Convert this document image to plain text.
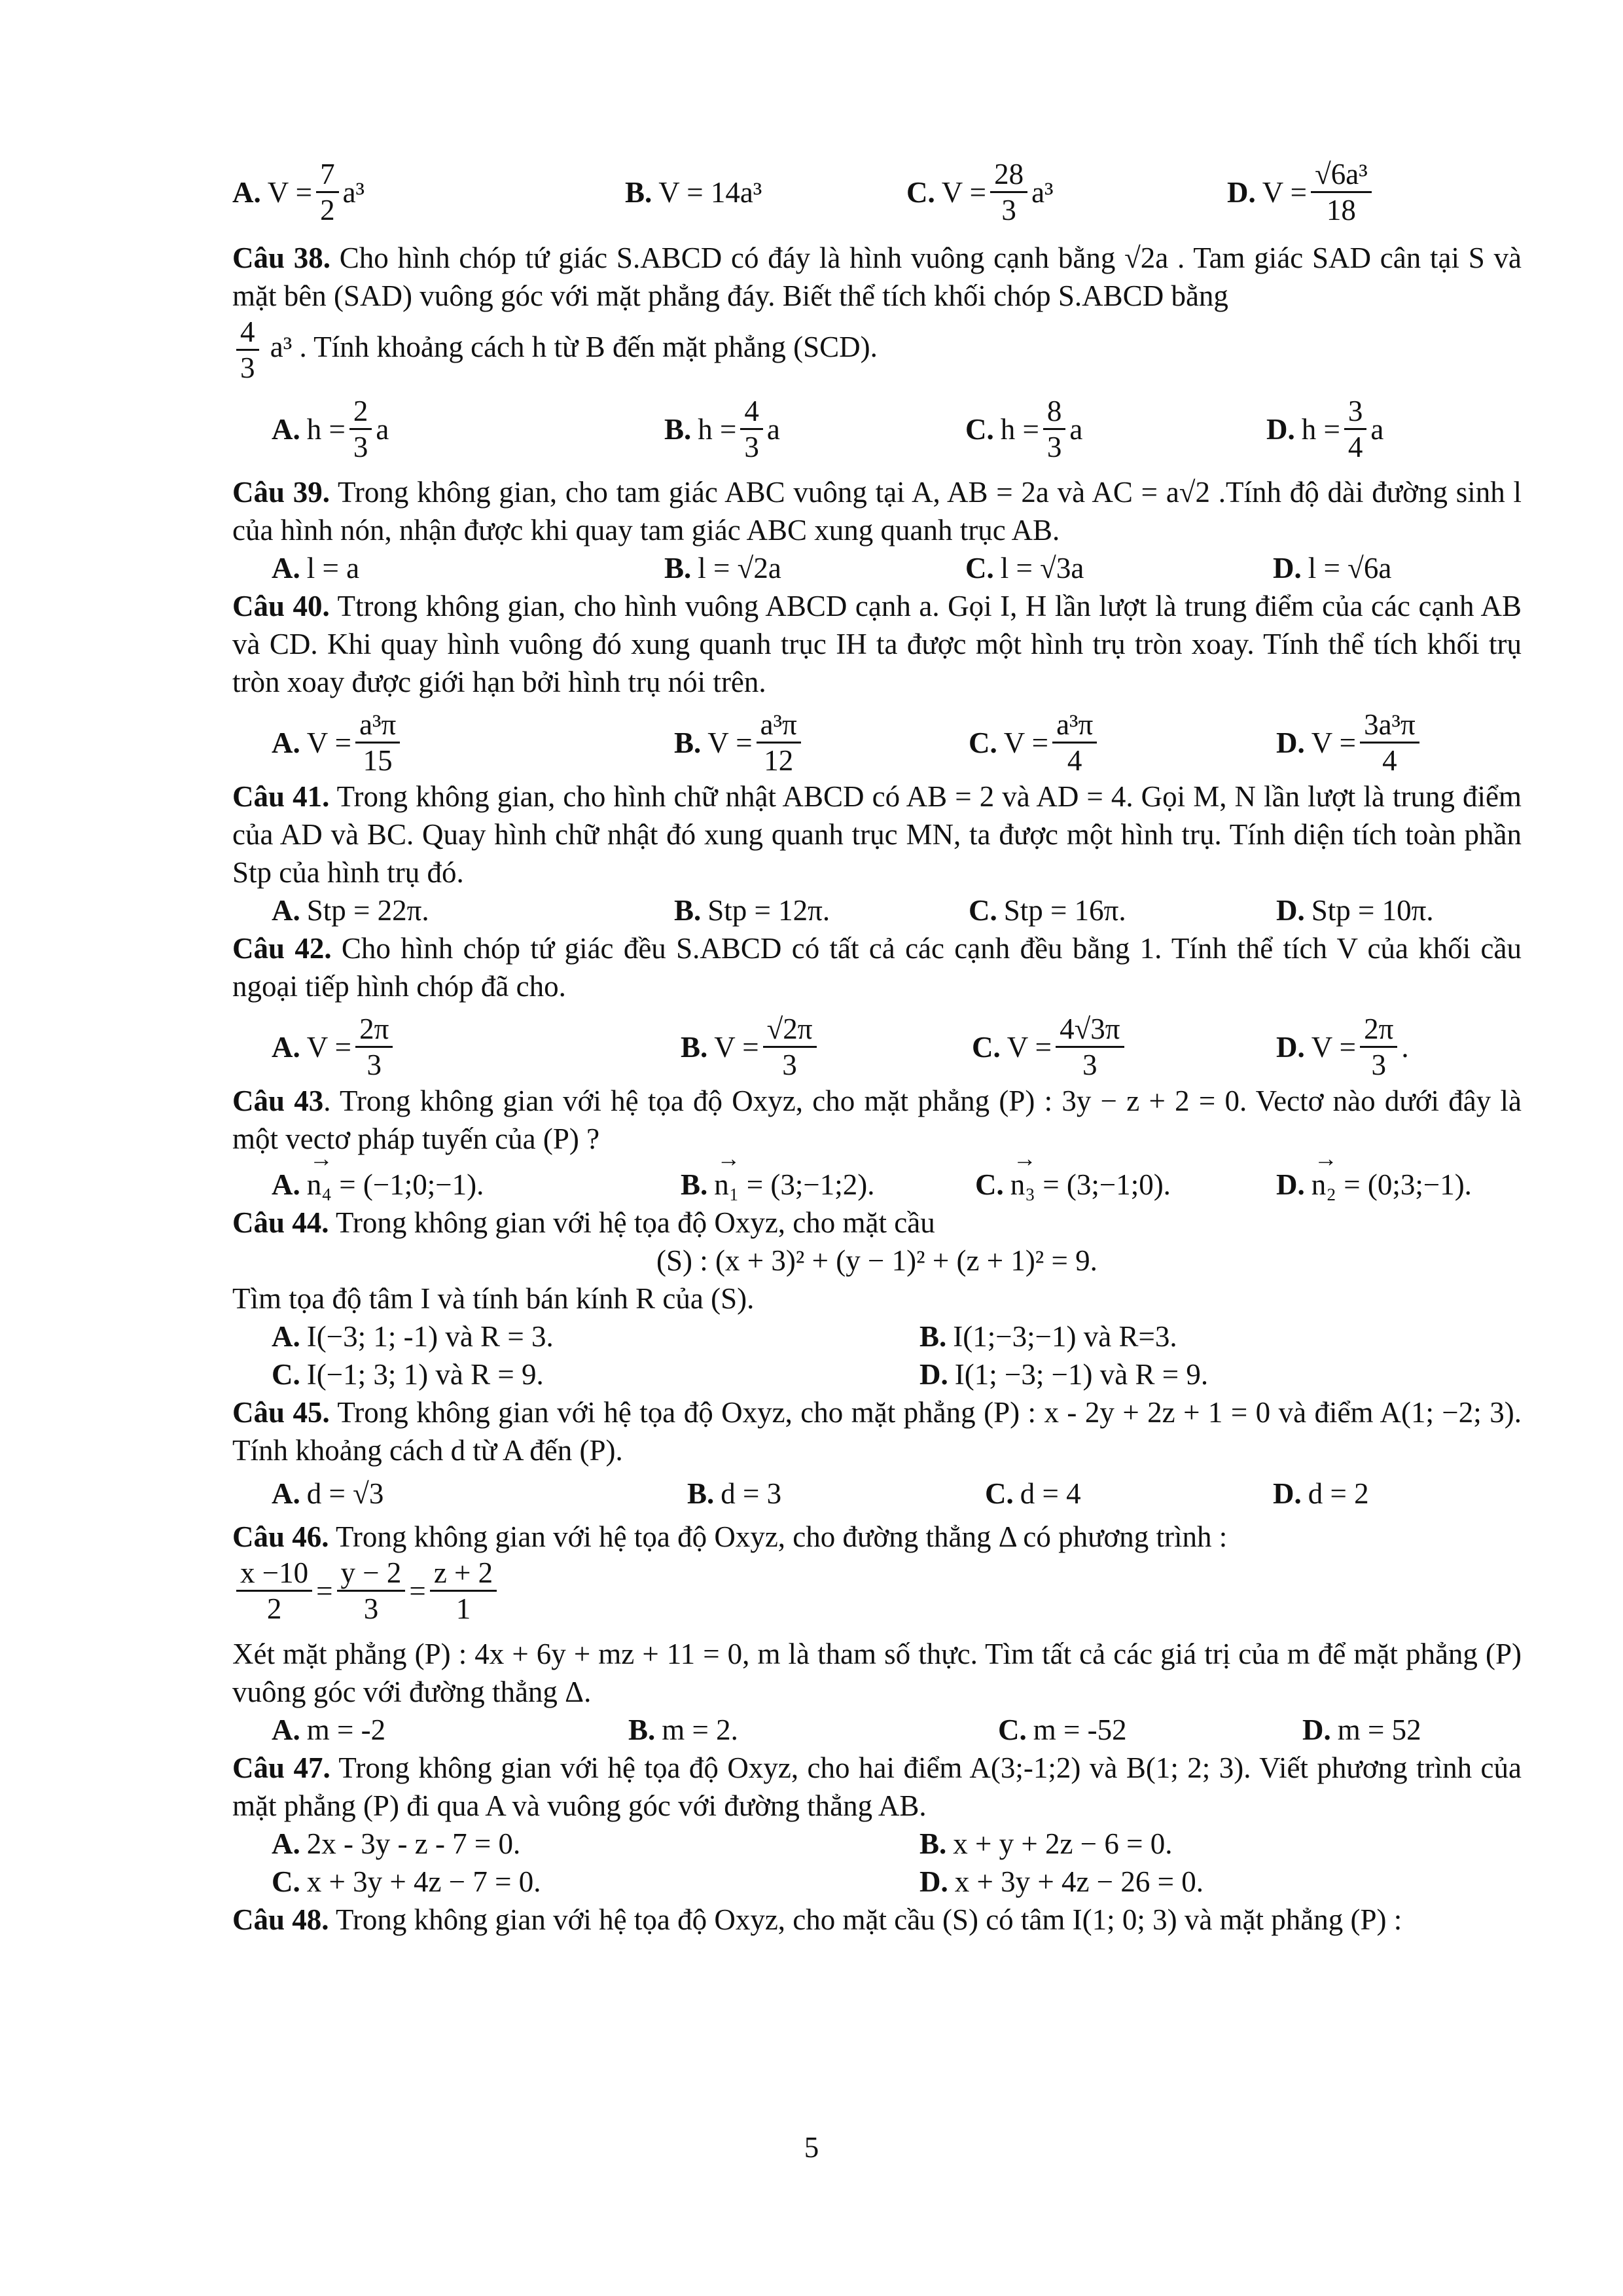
A. $V = \frac{7}{2} a^3$	B. V = 14a³	C. $V = \frac{28}{3} a^3$	D. $V = \frac{\text{√6a³}}{18}$
Câu 38. Cho hình chóp tứ giác S.ABCD có đáy là hình vuông cạnh bằng √2a . Tam giác SAD cân tại S và mặt bên (SAD) vuông góc với mặt phẳng đáy. Biết thể tích khối chóp S.ABCD bằng
$\frac{4}{3} a^3$ . Tính khoảng cách h từ B đến mặt phẳng (SCD).
A. $h = \frac{2}{3}$ a	B. $h = \frac{4}{3}$ a	C. $h = \frac{8}{3}$ a	D. $h = \frac{3}{4}$ a
Câu 39. Trong không gian, cho tam giác ABC vuông tại A, AB = 2a và AC = a√2 .Tính độ dài đường sinh l của hình nón, nhận được khi quay tam giác ABC xung quanh trục AB.
A. l = a	B. l = √2a	C. l = √3a	D. l = √6a
Câu 40. Ttrong không gian, cho hình vuông ABCD cạnh a. Gọi I, H lần lượt là trung điểm của các cạnh AB và CD. Khi quay hình vuông đó xung quanh trục IH ta được một hình trụ tròn xoay. Tính thể tích khối trụ tròn xoay được giới hạn bởi hình trụ nói trên.
A. $V = \frac{\text{a³π}}{15}$	B. $V = \frac{\text{a³π}}{12}$	C. $V = \frac{\text{a³π}}{4}$	D. $V = \frac{\text{3a³π}}{4}$
Câu 41. Trong không gian, cho hình chữ nhật ABCD có AB = 2 và AD = 4. Gọi M, N lần lượt là trung điểm của AD và BC. Quay hình chữ nhật đó xung quanh trục MN, ta được một hình trụ. Tính diện tích toàn phần Stp của hình trụ đó.
A. Stp = 22π.	B. Stp = 12π.	C. Stp = 16π.	D. Stp = 10π.
Câu 42. Cho hình chóp tứ giác đều S.ABCD có tất cả các cạnh đều bằng 1. Tính thể tích V của khối cầu ngoại tiếp hình chóp đã cho.
A. $V = \frac{2\pi}{3}$	B. $V = \frac{√2\pi}{3}$	C. $V = \frac{4√3\pi}{3}$	D. $V = \frac{2\pi}{3}$ .
Câu 43. Trong không gian với hệ tọa độ Oxyz, cho mặt phẳng (P) : 3y − z + 2 = 0. Vectơ nào dưới đây là một vectơ pháp tuyến của (P) ?
A. → n₄
= (−1;0;−1).	B. → n₁
= (3;−1;2).	C. → n₃
= (3;−1;0).	D. → n₂
= (0;3;−1).
Câu 44. Trong không gian với hệ tọa độ Oxyz, cho mặt cầu
(S) : (x + 3)² + (y − 1)² + (z + 1)² = 9.
Tìm tọa độ tâm I và tính bán kính R của (S).
A. I(−3; 1; -1) và R = 3.	B. I(1;−3;−1) và R=3.
C. I(−1; 3; 1) và R = 9.	D. I(1; −3; −1) và R = 9.
Câu 45. Trong không gian với hệ tọa độ Oxyz, cho mặt phẳng (P) : x - 2y + 2z + 1 = 0 và điểm A(1; −2; 3). Tính khoảng cách d từ A đến (P).
A. d = √3	B. d = 3	C. d = 4	D. d = 2
Câu 46. Trong không gian với hệ tọa độ Oxyz, cho đường thẳng Δ có phương trình :
$\frac{x -10}{2} = \frac{y - 2}{3} = \frac{z + 2}{1}$
Xét mặt phẳng (P) : 4x + 6y + mz + 11 = 0, m là tham số thực. Tìm tất cả các giá trị của m để mặt phẳng (P) vuông góc với đường thẳng Δ.
A. m = -2	B. m = 2.	C. m = -52	D. m = 52
Câu 47. Trong không gian với hệ tọa độ Oxyz, cho hai điểm A(3;-1;2) và B(1; 2; 3). Viết phương trình của mặt phẳng (P) đi qua A và vuông góc với đường thẳng AB.
A. 2x - 3y - z - 7 = 0.	B. x + y + 2z − 6 = 0.
C. x + 3y + 4z − 7 = 0.	D. x + 3y + 4z − 26 = 0.
Câu 48. Trong không gian với hệ tọa độ Oxyz, cho mặt cầu (S) có tâm I(1; 0; 3) và mặt phẳng (P) :
5
